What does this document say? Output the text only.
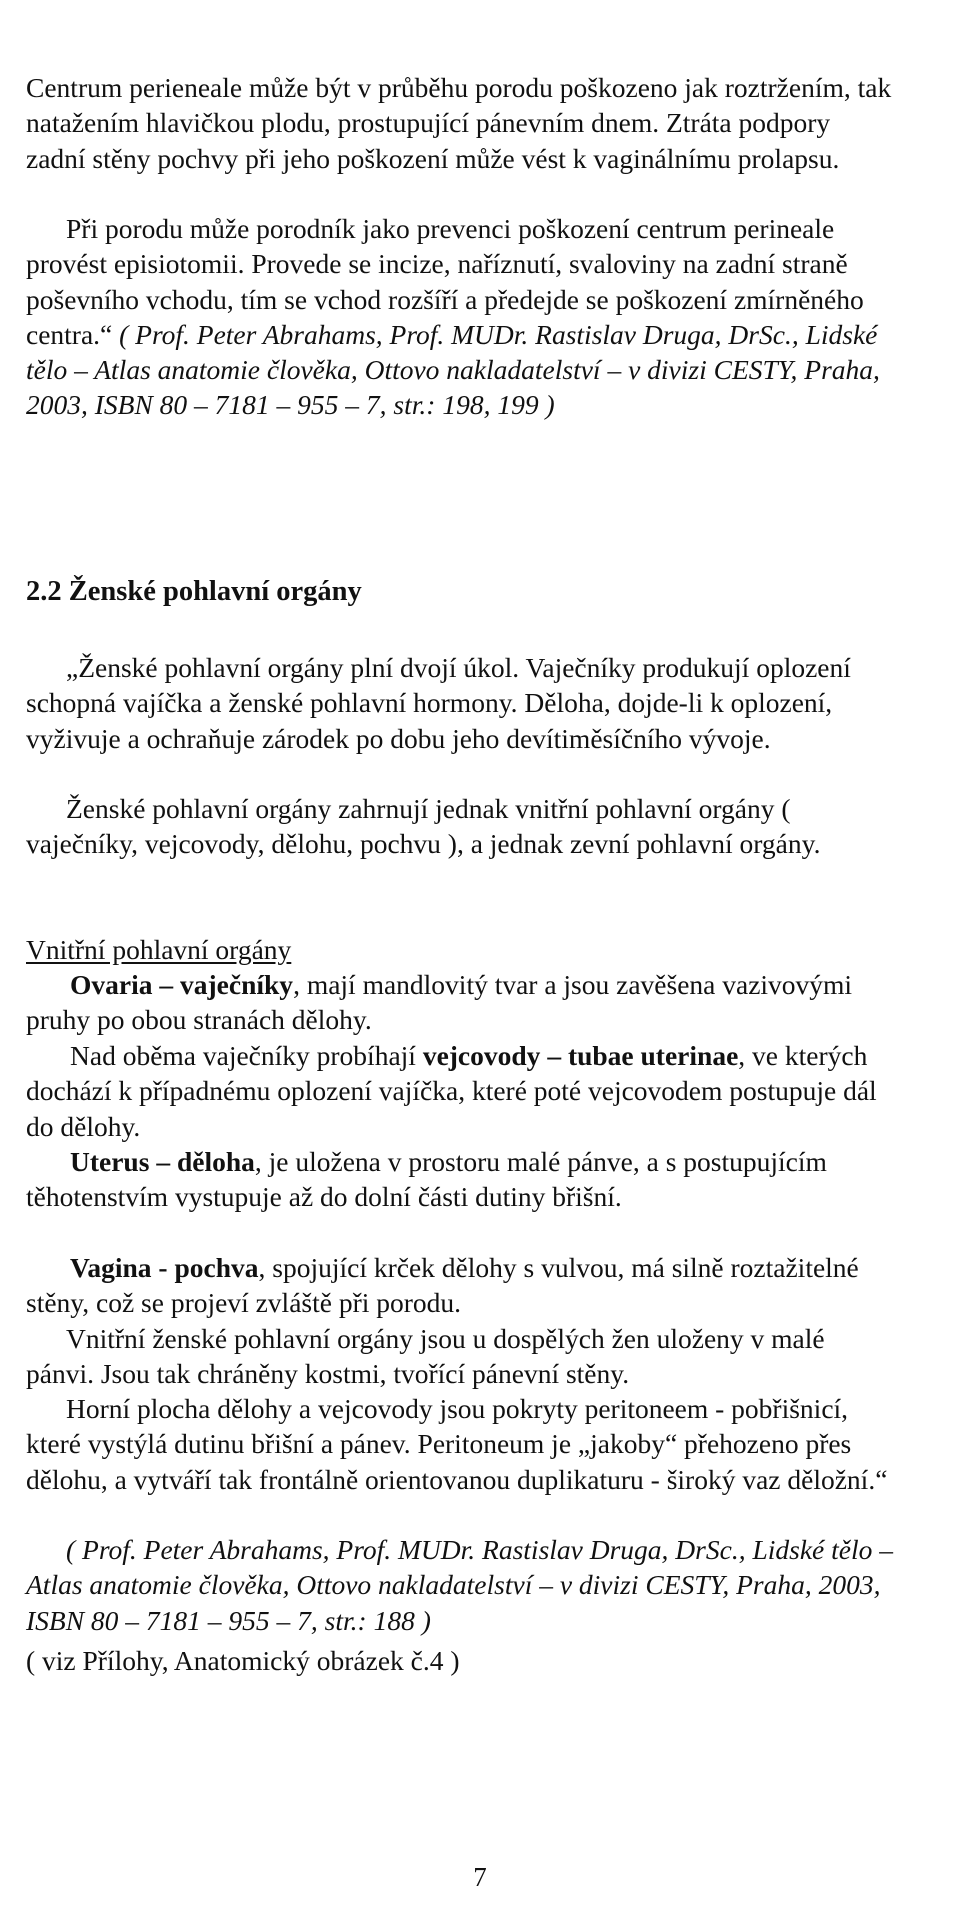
Centrum perieneale může být v průběhu porodu poškozeno jak roztržením, tak natažením hlavičkou plodu, prostupující pánevním dnem. Ztráta podpory zadní stěny pochvy při jeho poškození může vést k vaginálnímu prolapsu.

Při porodu může porodník jako prevenci poškození centrum perineale provést episiotomii. Provede se incize, naříznutí, svaloviny na zadní straně poševního vchodu, tím se vchod rozšíří a předejde se poškození zmírněného centra.“ ( Prof. Peter Abrahams, Prof. MUDr. Rastislav Druga, DrSc., Lidské tělo – Atlas anatomie člověka, Ottovo nakladatelství – v divizi CESTY, Praha, 2003, ISBN 80 – 7181 – 955 – 7, str.: 198, 199 )

2.2 Ženské pohlavní orgány

„Ženské pohlavní orgány plní dvojí úkol. Vaječníky produkují oplození schopná vajíčka a ženské pohlavní hormony. Děloha, dojde-li k oplození, vyživuje a ochraňuje zárodek po dobu jeho devítiměsíčního vývoje.

Ženské pohlavní orgány zahrnují jednak vnitřní pohlavní orgány ( vaječníky, vejcovody, dělohu, pochvu ), a jednak zevní pohlavní orgány.

Vnitřní pohlavní orgány

Ovaria – vaječníky, mají mandlovitý tvar a jsou zavěšena vazivovými pruhy po obou stranách dělohy.

Nad oběma vaječníky probíhají vejcovody – tubae uterinae, ve kterých dochází k případnému oplození vajíčka, které poté vejcovodem postupuje dál do dělohy.

Uterus – děloha, je uložena v prostoru malé pánve, a s postupujícím těhotenstvím vystupuje až do dolní části dutiny břišní.

Vagina - pochva, spojující krček dělohy s vulvou, má silně roztažitelné stěny, což se projeví zvláště při porodu.

Vnitřní ženské pohlavní orgány jsou u dospělých žen uloženy v malé pánvi. Jsou tak chráněny kostmi, tvořící pánevní stěny.

Horní plocha dělohy a vejcovody jsou pokryty peritoneem - pobřišnicí, které vystýlá dutinu břišní a pánev. Peritoneum je „jakoby“ přehozeno přes dělohu, a vytváří tak frontálně orientovanou duplikaturu - široký vaz děložní.“

( Prof. Peter Abrahams, Prof. MUDr. Rastislav Druga, DrSc., Lidské tělo – Atlas anatomie člověka, Ottovo nakladatelství – v divizi CESTY, Praha, 2003, ISBN 80 – 7181 – 955 – 7, str.: 188 )

( viz Přílohy, Anatomický obrázek č.4 )

7
